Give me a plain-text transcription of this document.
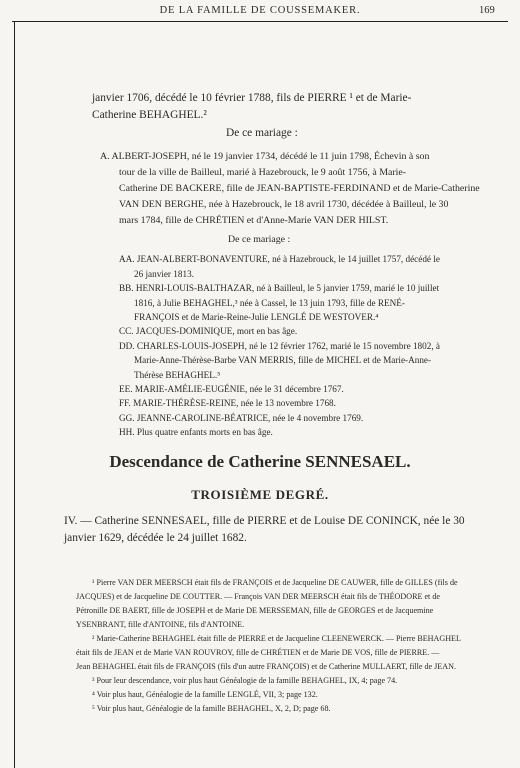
DE LA FAMILLE DE COUSSEMAKER.	169

janvier 1706, décédé le 10 février 1788, fils de PIERRE ¹ et de Marie-

Catherine BEHAGHEL.²

De ce mariage :

A. ALBERT-JOSEPH, né le 19 janvier 1734, décédé le 11 juin 1798, Échevin à son

tour de la ville de Bailleul, marié à Hazebrouck, le 9 août 1756, à Marie-

Catherine DE BACKERE, fille de JEAN-BAPTISTE-FERDINAND et de Marie-Catherine

VAN DEN BERGHE, née à Hazebrouck, le 18 avril 1730, décédée à Bailleul, le 30

mars 1784, fille de CHRÉTIEN et d'Anne-Marie VAN DER HILST.

De ce mariage :

AA. JEAN-ALBERT-BONAVENTURE, né à Hazebrouck, le 14 juillet 1757, décédé le

26 janvier 1813.

BB. HENRI-LOUIS-BALTHAZAR, né à Bailleul, le 5 janvier 1759, marié le 10 juillet

1816, à Julie BEHAGHEL,³ née à Cassel, le 13 juin 1793, fille de RENÉ-

FRANÇOIS et de Marie-Reine-Julie LENGLÉ DE WESTOVER.⁴

CC. JACQUES-DOMINIQUE, mort en bas âge.

DD. CHARLES-LOUIS-JOSEPH, né le 12 février 1762, marié le 15 novembre 1802, à

Marie-Anne-Thérèse-Barbe VAN MERRIS, fille de MICHEL et de Marie-Anne-

Thérèse BEHAGHEL.⁵

EE. MARIE-AMÉLIE-EUGÉNIE, née le 31 décembre 1767.

FF. MARIE-THÉRÈSE-REINE, née le 13 novembre 1768.

GG. JEANNE-CAROLINE-BÉATRICE, née le 4 novembre 1769.

HH. Plus quatre enfants morts en bas âge.

Descendance de Catherine SENNESAEL.
TROISIÈME DEGRÉ.

IV. — Catherine SENNESAEL, fille de PIERRE et de Louise DE CONINCK, née le 30

janvier 1629, décédée le 24 juillet 1682.

¹ Pierre VAN DER MEERSCH était fils de FRANÇOIS et de Jacqueline DE CAUWER, fille de GILLES (fils de

JACQUES) et de Jacqueline DE COUTTER. — François VAN DER MEERSCH était fils de THÉODORE et de

Pétronille DE BAERT, fille de JOSEPH et de Marie DE MERSSEMAN, fille de GEORGES et de Jacquemine

YSENBRANT, fille d'ANTOINE, fils d'ANTOINE.

² Marie-Catherine BEHAGHEL était fille de PIERRE et de Jacqueline CLEENEWERCK. — Pierre BEHAGHEL

était fils de JEAN et de Marie VAN ROUVROY, fille de CHRÉTIEN et de Marie DE VOS, fille de PIERRE. —

Jean BEHAGHEL était fils de FRANÇOIS (fils d'un autre FRANÇOIS) et de Catherine MULLAERT, fille de JEAN.

³ Pour leur descendance, voir plus haut Généalogie de la famille BEHAGHEL, IX, 4; page 74.

⁴ Voir plus haut, Généalogie de la famille LENGLÉ, VII, 3; page 132.

⁵ Voir plus haut, Généalogie de la famille BEHAGHEL, X, 2, D; page 68.
